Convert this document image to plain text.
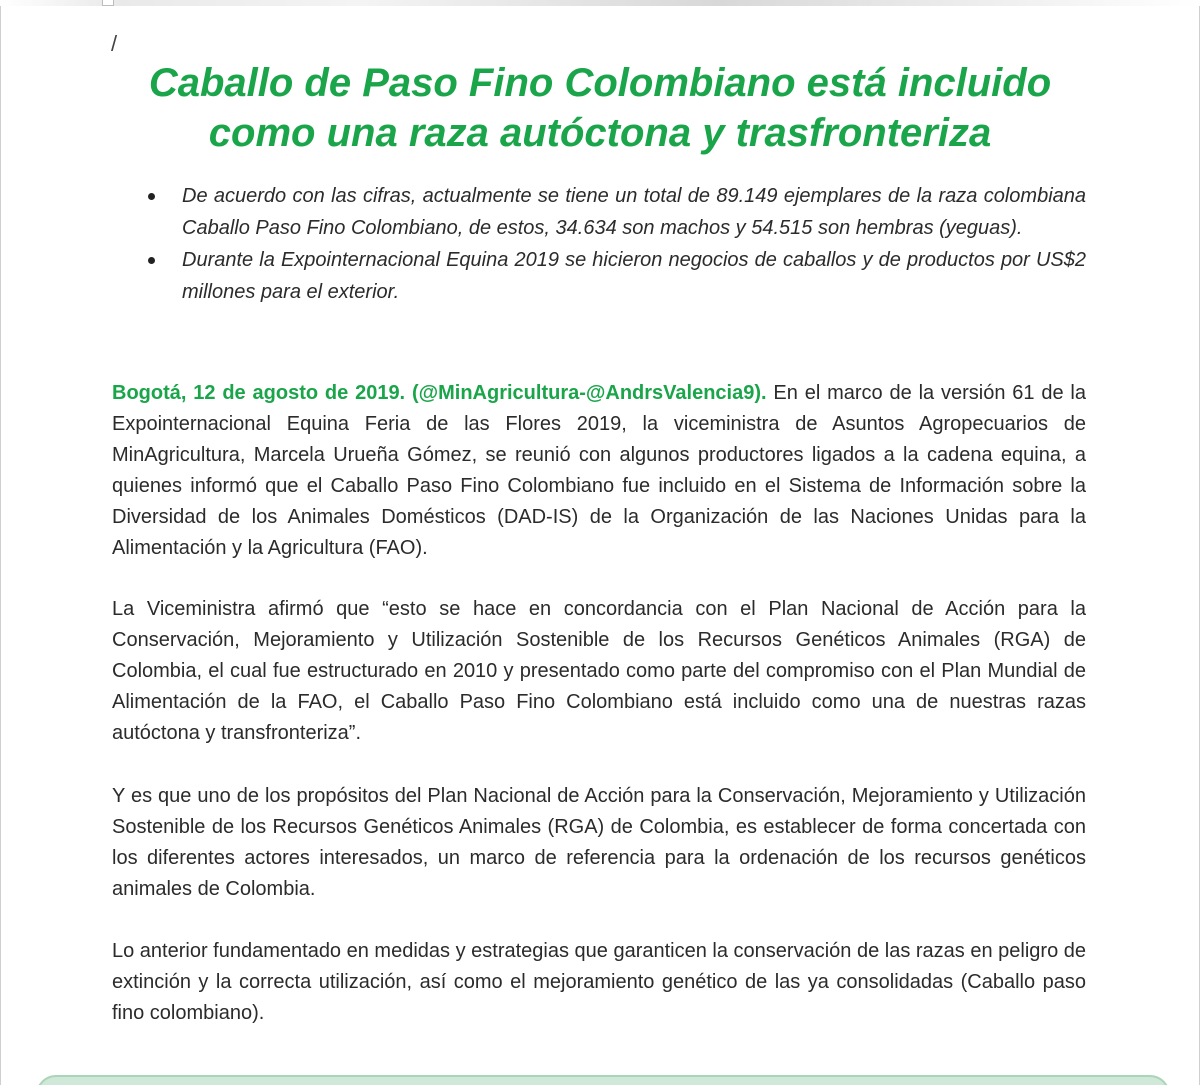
/
Caballo de Paso Fino Colombiano está incluido como una raza autóctona y trasfronteriza
De acuerdo con las cifras, actualmente se tiene un total de 89.149 ejemplares de la raza colombiana Caballo Paso Fino Colombiano, de estos, 34.634 son machos y 54.515 son hembras (yeguas).
Durante la Expointernacional Equina 2019 se hicieron negocios de caballos y de productos por US$2 millones para el exterior.

Bogotá, 12 de agosto de 2019. (@MinAgricultura-@AndrsValencia9). En el marco de la versión 61 de la Expointernacional Equina Feria de las Flores 2019, la viceministra de Asuntos Agropecuarios de MinAgricultura, Marcela Urueña Gómez, se reunió con algunos productores ligados a la cadena equina, a quienes informó que el Caballo Paso Fino Colombiano fue incluido en el Sistema de Información sobre la Diversidad de los Animales Domésticos (DAD-IS) de la Organización de las Naciones Unidas para la Alimentación y la Agricultura (FAO).

La Viceministra afirmó que “esto se hace en concordancia con el Plan Nacional de Acción para la Conservación, Mejoramiento y Utilización Sostenible de los Recursos Genéticos Animales (RGA) de Colombia, el cual fue estructurado en 2010 y presentado como parte del compromiso con el Plan Mundial de Alimentación de la FAO, el Caballo Paso Fino Colombiano está incluido como una de nuestras razas autóctona y transfronteriza”.

Y es que uno de los propósitos del Plan Nacional de Acción para la Conservación, Mejoramiento y Utilización Sostenible de los Recursos Genéticos Animales (RGA) de Colombia, es establecer de forma concertada con los diferentes actores interesados, un marco de referencia para la ordenación de los recursos genéticos animales de Colombia.

Lo anterior fundamentado en medidas y estrategias que garanticen la conservación de las razas en peligro de extinción y la correcta utilización, así como el mejoramiento genético de las ya consolidadas (Caballo paso fino colombiano).
